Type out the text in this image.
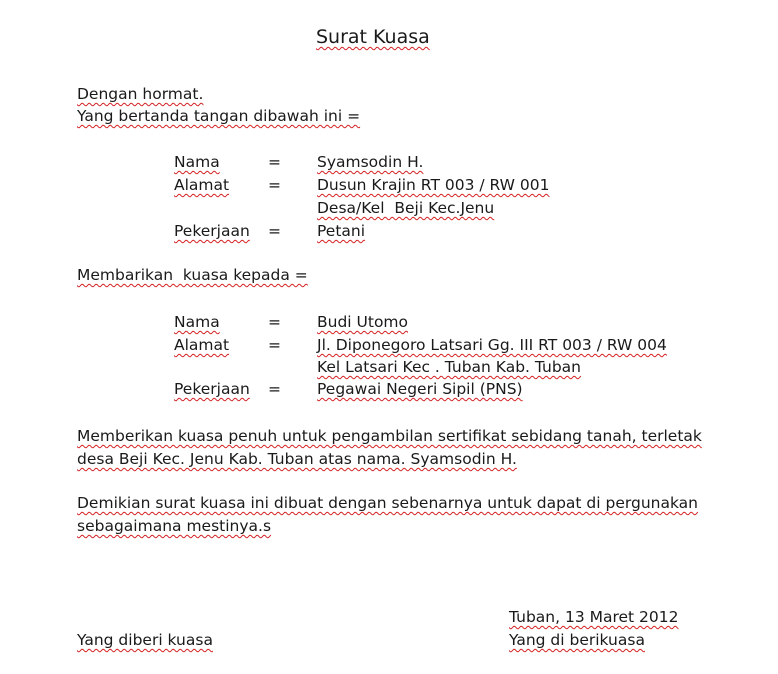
Surat Kuasa
Dengan hormat.
Yang bertanda tangan dibawah ini =
Nama	= Syamsodin H.
Alamat	= Dusun Krajin RT 003 / RW 001
Desa/Kel  Beji Kec.Jenu
Pekerjaan = Petani
Membarikan  kuasa kepada =
Nama	= Budi Utomo
Alamat	= Jl. Diponegoro Latsari Gg. III RT 003 / RW 004
Kel Latsari Kec . Tuban Kab. Tuban
Pekerjaan = Pegawai Negeri Sipil (PNS)
Memberikan kuasa penuh untuk pengambilan sertifikat sebidang tanah, terletak
desa Beji Kec. Jenu Kab. Tuban atas nama. Syamsodin H.
Demikian surat kuasa ini dibuat dengan sebenarnya untuk dapat di pergunakan
sebagaimana mestinya.s
Tuban, 13 Maret 2012
Yang diberi kuasa	Yang di berikuasa
